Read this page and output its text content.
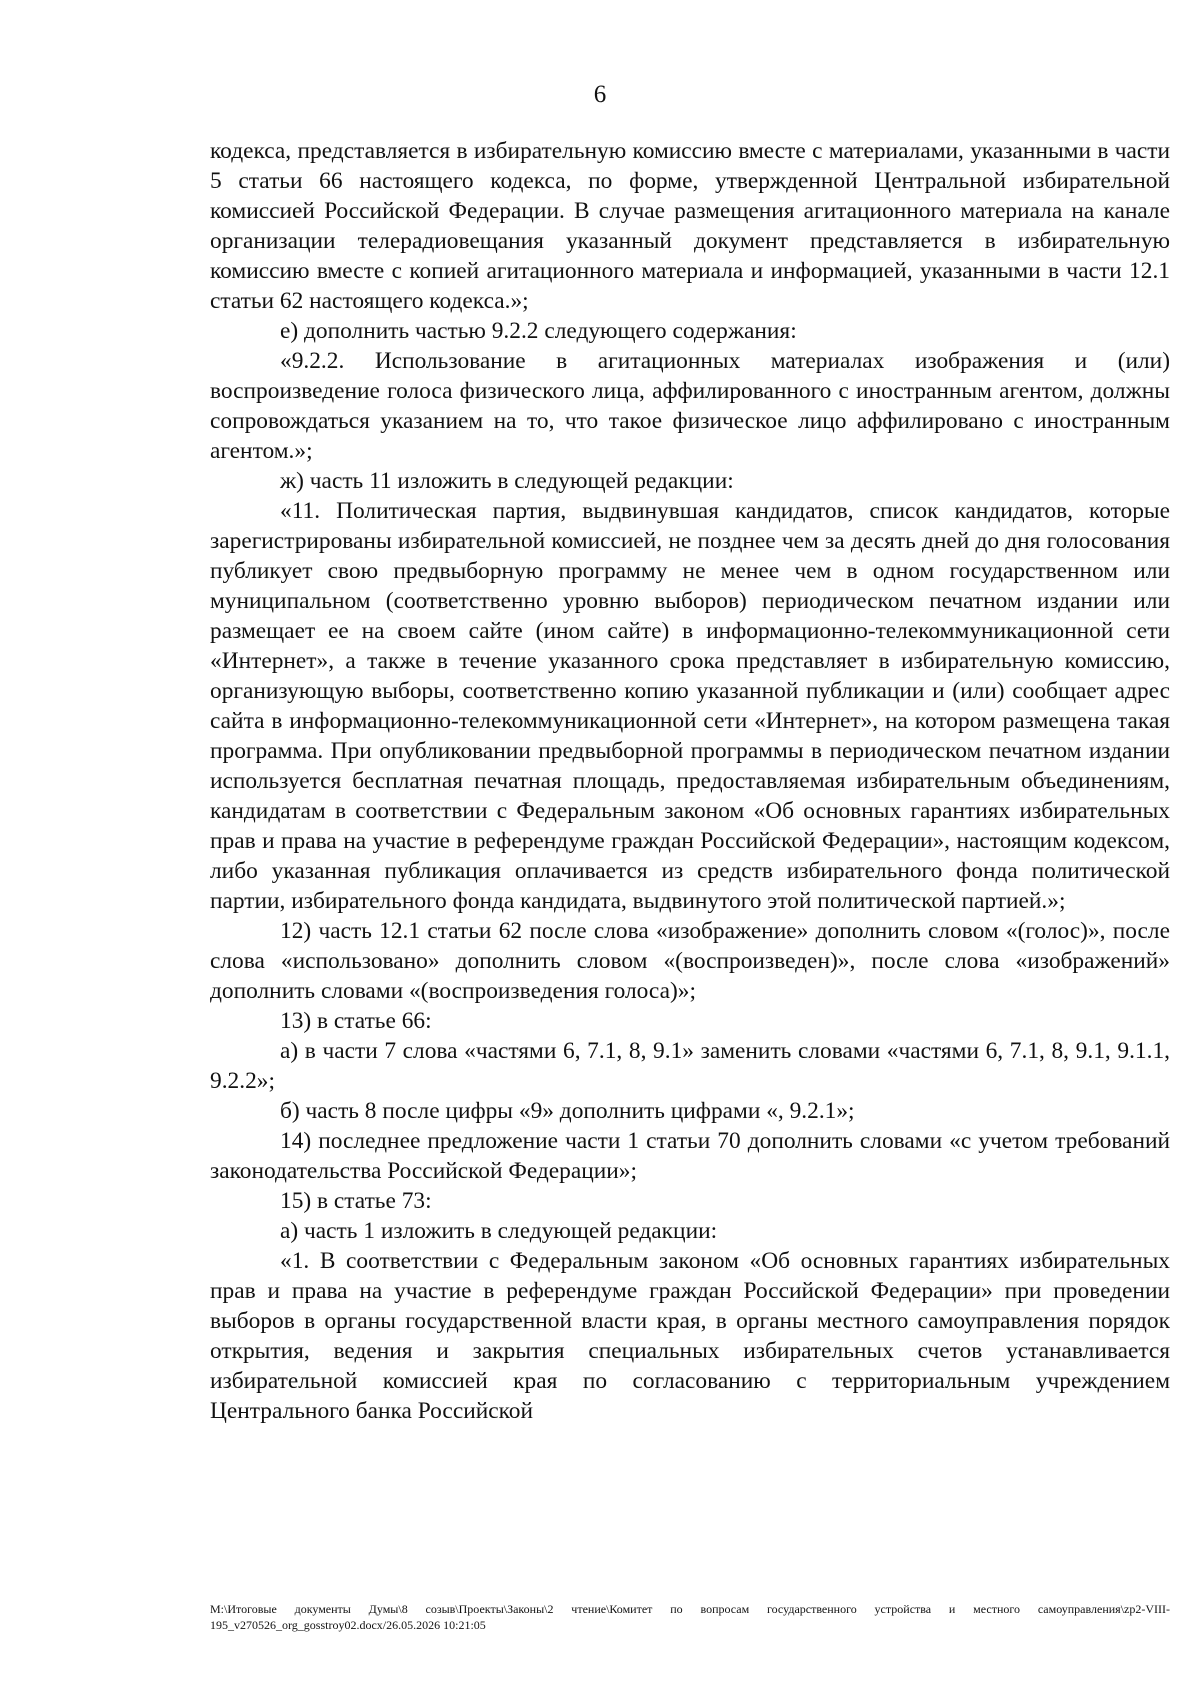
6

кодекса, представляется в избирательную комиссию вместе с материалами, указанными в части 5 статьи 66 настоящего кодекса, по форме, утвержденной Центральной избирательной комиссией Российской Федерации. В случае размещения агитационного материала на канале организации телерадиовещания указанный документ представляется в избирательную комиссию вместе с копией агитационного материала и информацией, указанными в части 12.1 статьи 62 настоящего кодекса.»;

е) дополнить частью 9.2.2 следующего содержания:

«9.2.2. Использование в агитационных материалах изображения и (или) воспроизведение голоса физического лица, аффилированного с иностранным агентом, должны сопровождаться указанием на то, что такое физическое лицо аффилировано с иностранным агентом.»;

ж) часть 11 изложить в следующей редакции:

«11. Политическая партия, выдвинувшая кандидатов, список кандидатов, которые зарегистрированы избирательной комиссией, не позднее чем за десять дней до дня голосования публикует свою предвыборную программу не менее чем в одном государственном или муниципальном (соответственно уровню выборов) периодическом печатном издании или размещает ее на своем сайте (ином сайте) в информационно-телекоммуникационной сети «Интернет», а также в течение указанного срока представляет в избирательную комиссию, организующую выборы, соответственно копию указанной публикации и (или) сообщает адрес сайта в информационно-телекоммуникационной сети «Интернет», на котором размещена такая программа. При опубликовании предвыборной программы в периодическом печатном издании используется бесплатная печатная площадь, предоставляемая избирательным объединениям, кандидатам в соответствии с Федеральным законом «Об основных гарантиях избирательных прав и права на участие в референдуме граждан Российской Федерации», настоящим кодексом, либо указанная публикация оплачивается из средств избирательного фонда политической партии, избирательного фонда кандидата, выдвинутого этой политической партией.»;

12) часть 12.1 статьи 62 после слова «изображение» дополнить словом «(голос)», после слова «использовано» дополнить словом «(воспроизведен)», после слова «изображений» дополнить словами «(воспроизведения голоса)»;

13) в статье 66:

а) в части 7 слова «частями 6, 7.1, 8, 9.1» заменить словами «частями 6, 7.1, 8, 9.1, 9.1.1, 9.2.2»;

б) часть 8 после цифры «9» дополнить цифрами «, 9.2.1»;

14) последнее предложение части 1 статьи 70 дополнить словами «с учетом требований законодательства Российской Федерации»;

15) в статье 73:

а) часть 1 изложить в следующей редакции:

«1. В соответствии с Федеральным законом «Об основных гарантиях избирательных прав и права на участие в референдуме граждан Российской Федерации» при проведении выборов в органы государственной власти края, в органы местного самоуправления порядок открытия, ведения и закрытия специальных избирательных счетов устанавливается избирательной комиссией края по согласованию с территориальным учреждением Центрального банка Российской

M:\Итоговые документы Думы\8 созыв\Проекты\Законы\2 чтение\Комитет по вопросам государственного устройства и местного самоуправления\zp2-VIII-195_v270526_org_gosstroy02.docx/26.05.2026 10:21:05
